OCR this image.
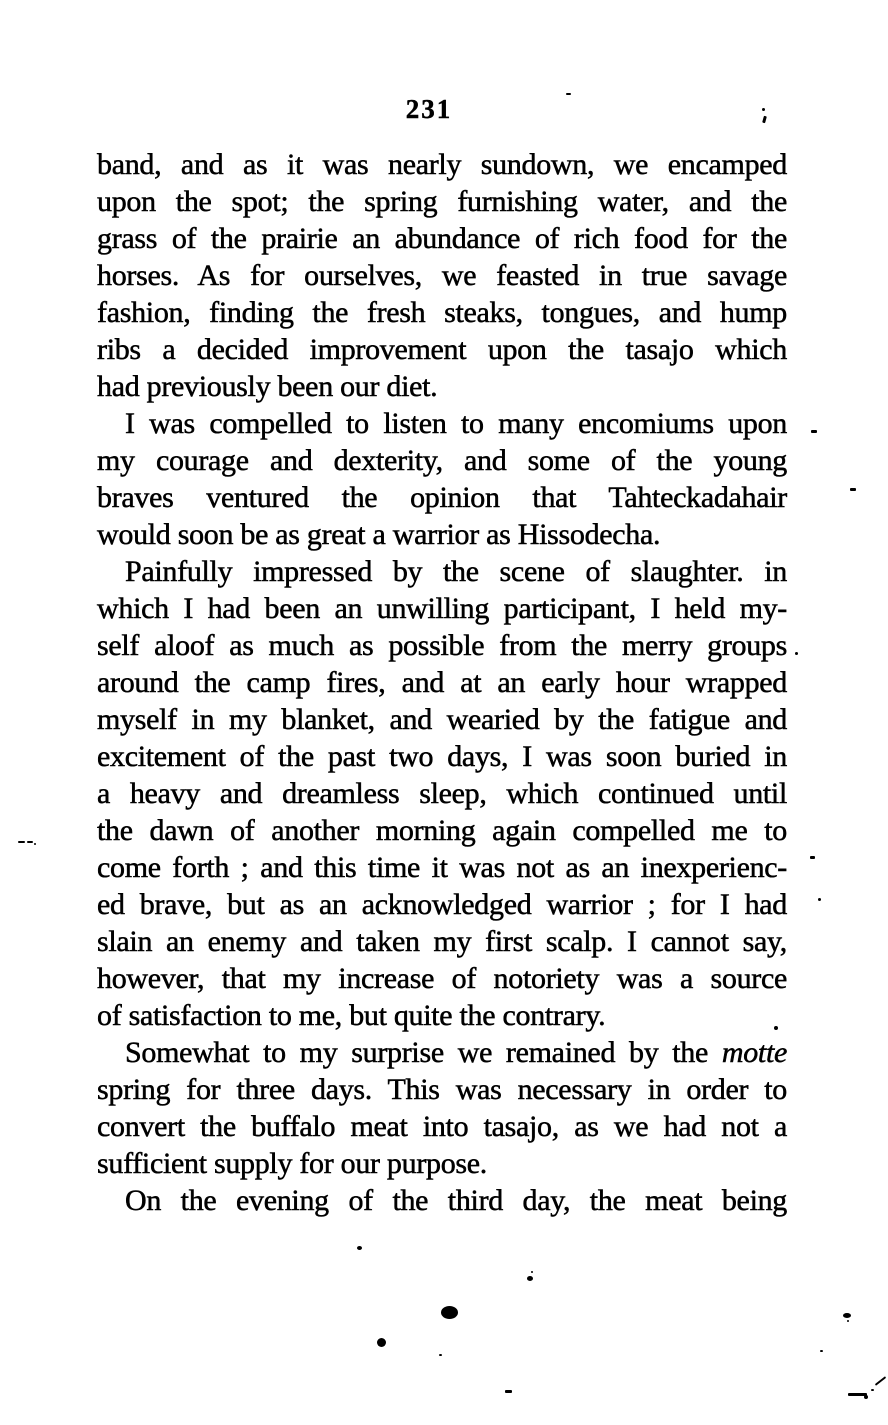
231
band, and as it was nearly sundown, we encamped
upon the spot; the spring furnishing water, and the
grass of the prairie an abundance of rich food for the
horses. As for ourselves, we feasted in true savage
fashion, finding the fresh steaks, tongues, and hump
ribs a decided improvement upon the tasajo which
had previously been our diet.
I was compelled to listen to many encomiums upon
my courage and dexterity, and some of the young
braves ventured the opinion that Tahteckadahair
would soon be as great a warrior as Hissodecha.
Painfully impressed by the scene of slaughter. in
which I had been an unwilling participant, I held my-
self aloof as much as possible from the merry groups
around the camp fires, and at an early hour wrapped
myself in my blanket, and wearied by the fatigue and
excitement of the past two days, I was soon buried in
a heavy and dreamless sleep, which continued until
the dawn of another morning again compelled me to
come forth ; and this time it was not as an inexperienc-
ed brave, but as an acknowledged warrior ; for I had
slain an enemy and taken my first scalp. I cannot say,
however, that my increase of notoriety was a source
of satisfaction to me, but quite the contrary.
Somewhat to my surprise we remained by the motte
spring for three days. This was necessary in order to
convert the buffalo meat into tasajo, as we had not a
sufficient supply for our purpose.
On the evening of the third day, the meat being
